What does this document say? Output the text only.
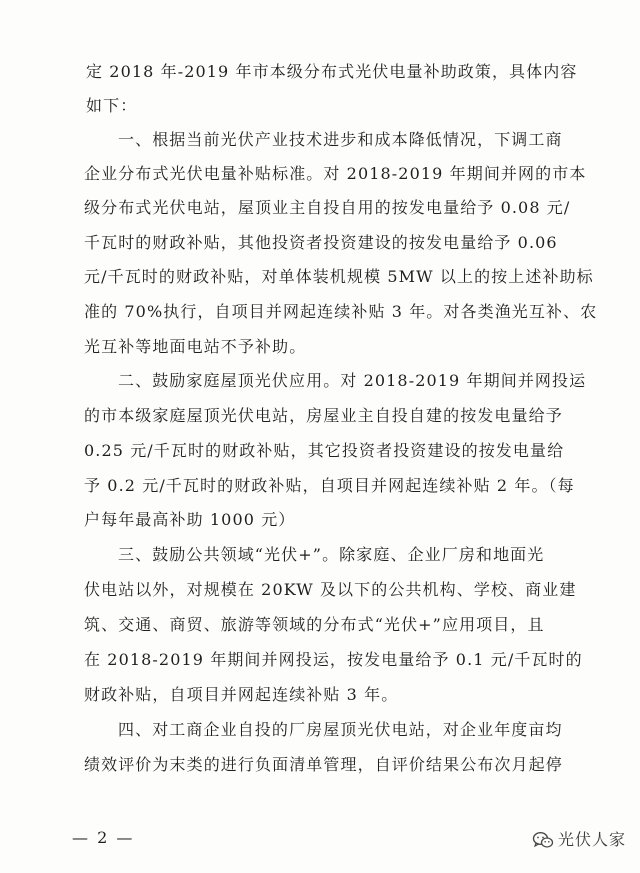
定 2018 年-2019 年市本级分布式光伏电量补助政策，具体内容
如下：
一、根据当前光伏产业技术进步和成本降低情况，下调工商
企业分布式光伏电量补贴标准。对 2018-2019 年期间并网的市本
级分布式光伏电站，屋顶业主自投自用的按发电量给予 0.08 元/
千瓦时的财政补贴，其他投资者投资建设的按发电量给予 0.06
元/千瓦时的财政补贴，对单体装机规模 5MW 以上的按上述补助标
准的 70%执行，自项目并网起连续补贴 3 年。对各类渔光互补、农
光互补等地面电站不予补助。
二、鼓励家庭屋顶光伏应用。对 2018-2019 年期间并网投运
的市本级家庭屋顶光伏电站，房屋业主自投自建的按发电量给予
0.25 元/千瓦时的财政补贴，其它投资者投资建设的按发电量给
予 0.2 元/千瓦时的财政补贴，自项目并网起连续补贴 2 年。（每
户每年最高补助 1000 元）
三、鼓励公共领域“光伏+”。除家庭、企业厂房和地面光
伏电站以外，对规模在 20KW 及以下的公共机构、学校、商业建
筑、交通、商贸、旅游等领域的分布式“光伏+”应用项目，且
在 2018-2019 年期间并网投运，按发电量给予 0.1 元/千瓦时的
财政补贴，自项目并网起连续补贴 3 年。
四、对工商企业自投的厂房屋顶光伏电站，对企业年度亩均
绩效评价为末类的进行负面清单管理，自评价结果公布次月起停
— 2 —	光伏人家
